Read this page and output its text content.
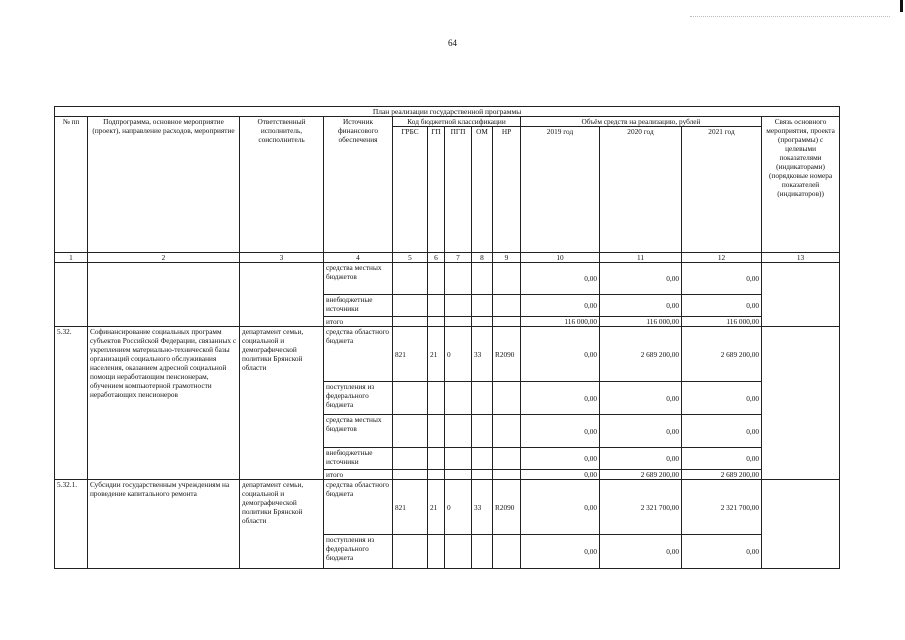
64
План реализации государственной программы												
№ пп	Подпрограмма, основное мероприятие (проект), направление расходов, мероприятие	Ответственный исполнитель, соисполнитель	Источник финансового обеспечения	Код бюджетной классификации					Объём средств на реализацию, рублей			Связь основного мероприятия, проекта (программы) с целевыми показателями (индикаторами) (порядковые номера показателей (индикаторов))
				ГРБС	ГП	ПГП	ОМ	НР	2019 год	2020 год	2021 год	
1	2	3	4	5	6	7	8	9	10	11	12	13
			средства местных бюджетов						0,00	0,00	0,00	
			внебюджетные источники						0,00	0,00	0,00	
			итого						116 000,00	116 000,00	116 000,00	
5.32.	Софинансирование социальных программ субъектов Российской Федерации, связанных с укреплением материально-технической базы организаций социального обслуживания населения, оказанием адресной социальной помощи неработающим пенсионерам, обучением компьютерной грамотности неработающих пенсионеров	департамент семьи, социальной и демографической политики Брянской области	средства областного бюджета	821	21	0	33	R2090	0,00	2 689 200,00	2 689 200,00	
			поступления из федерального бюджета						0,00	0,00	0,00	
			средства местных бюджетов						0,00	0,00	0,00	
			внебюджетные источники						0,00	0,00	0,00	
			итого						0,00	2 689 200,00	2 689 200,00	
5.32.1.	Субсидии государственным учреждениям на проведение капитального ремонта	департамент семьи, социальной и демографической политики Брянской области	средства областного бюджета	821	21	0	33	R2090	0,00	2 321 700,00	2 321 700,00	
			поступления из федерального бюджета						0,00	0,00	0,00	
